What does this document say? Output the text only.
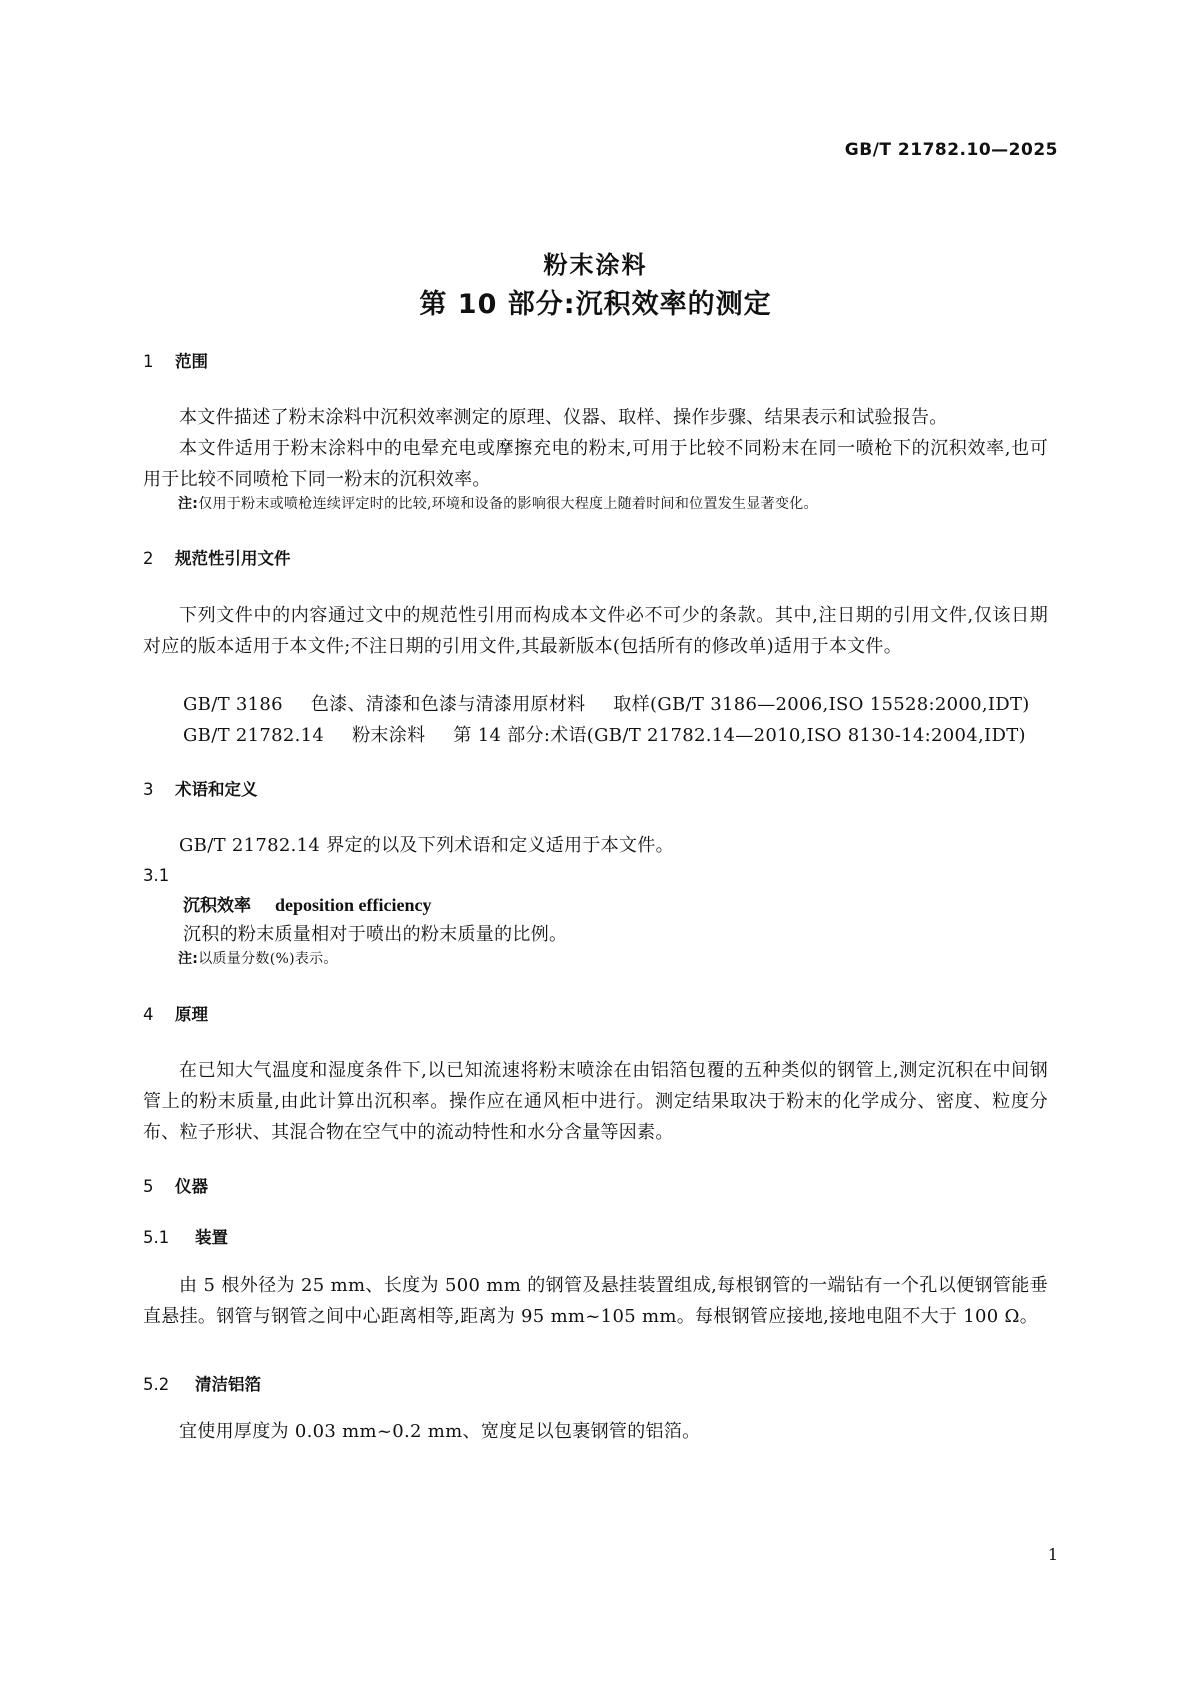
GB/T 21782.10—2025
粉末涂料
第 10 部分:沉积效率的测定
1 范围
本文件描述了粉末涂料中沉积效率测定的原理、仪器、取样、操作步骤、结果表示和试验报告。
本文件适用于粉末涂料中的电晕充电或摩擦充电的粉末,可用于比较不同粉末在同一喷枪下的沉积效率,也可用于比较不同喷枪下同一粉末的沉积效率。
注:仅用于粉末或喷枪连续评定时的比较,环境和设备的影响很大程度上随着时间和位置发生显著变化。
2 规范性引用文件
下列文件中的内容通过文中的规范性引用而构成本文件必不可少的条款。其中,注日期的引用文件,仅该日期对应的版本适用于本文件;不注日期的引用文件,其最新版本(包括所有的修改单)适用于本文件。
GB/T 3186 色漆、清漆和色漆与清漆用原材料 取样(GB/T 3186—2006,ISO 15528:2000,IDT)
GB/T 21782.14 粉末涂料 第 14 部分:术语(GB/T 21782.14—2010,ISO 8130-14:2004,IDT)
3 术语和定义
GB/T 21782.14 界定的以及下列术语和定义适用于本文件。
3.1
沉积效率 deposition efficiency
沉积的粉末质量相对于喷出的粉末质量的比例。
注:以质量分数(%)表示。
4 原理
在已知大气温度和湿度条件下,以已知流速将粉末喷涂在由铝箔包覆的五种类似的钢管上,测定沉积在中间钢管上的粉末质量,由此计算出沉积率。操作应在通风柜中进行。测定结果取决于粉末的化学成分、密度、粒度分布、粒子形状、其混合物在空气中的流动特性和水分含量等因素。
5 仪器
5.1 装置
由 5 根外径为 25 mm、长度为 500 mm 的钢管及悬挂装置组成,每根钢管的一端钻有一个孔以便钢管能垂直悬挂。钢管与钢管之间中心距离相等,距离为 95 mm~105 mm。每根钢管应接地,接地电阻不大于 100 Ω。
5.2 清洁铝箔
宜使用厚度为 0.03 mm~0.2 mm、宽度足以包裹钢管的铝箔。
1
